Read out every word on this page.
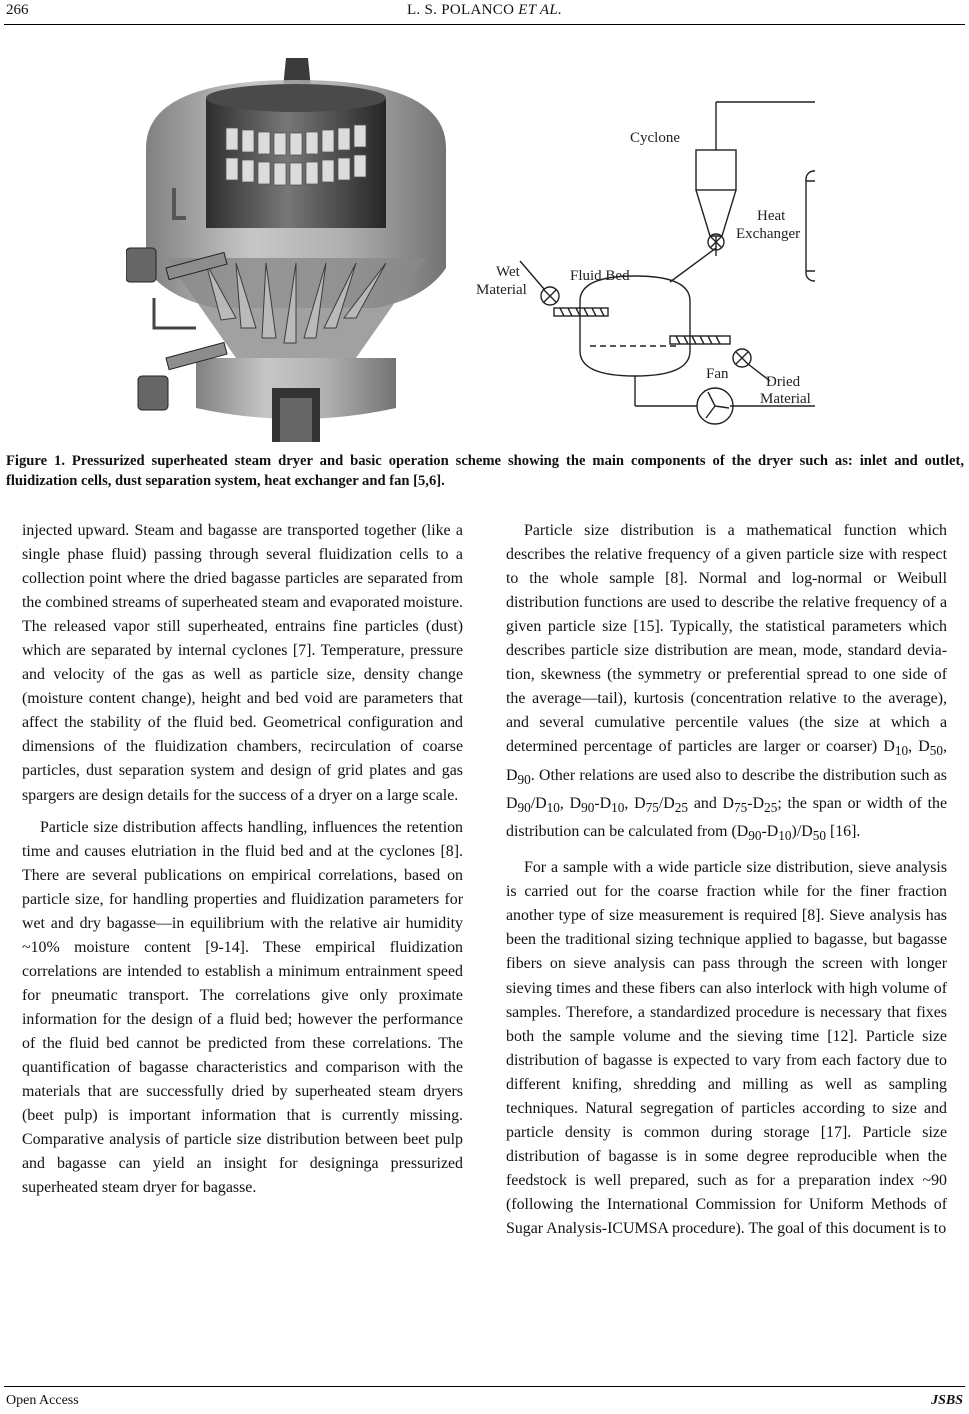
266	L. S. POLANCO ET AL.
Cyclone
Heat
Exchanger
Wet
Material
Fluid Bed
Fan	Dried
Material
Figure 1. Pressurized superheated steam dryer and basic operation scheme showing the main components of the dryer such as: inlet and outlet, fluidization cells, dust separation system, heat exchanger and fan [5,6].

injected upward. Steam and bagasse are transported together (like a single phase fluid) passing through several fluidization cells to a collection point where the dried bagasse particles are separated from the combined streams of superheated steam and evaporated moisture. The released vapor still superheated, entrains fine particles (dust) which are separated by internal cyclones [7]. Temperature, pressure and velocity of the gas as well as particle size, density change (moisture content change), height and bed void are parameters that affect the stability of the fluid bed. Geometrical configuration and dimensions of the fluidization chambers, recirculation of coarse particles, dust separation system and design of grid plates and gas spargers are design details for the success of a dryer on a large scale.

Particle size distribution affects handling, influences the retention time and causes elutriation in the fluid bed and at the cyclones [8]. There are several publications on empirical correlations, based on particle size, for handling properties and fluidization parameters for wet and dry bagasse—in equilibrium with the relative air humidity ~10% moisture content [9-14]. These empirical fluidization correlations are intended to establish a minimum entrainment speed for pneumatic transport. The correlations give only proximate information for the design of a fluid bed; however the performance of the fluid bed cannot be predicted from these correlations. The quantification of bagasse characteristics and comparison with the materials that are successfully dried by superheated steam dryers (beet pulp) is important information that is currently missing. Comparative analysis of particle size distribution between beet pulp and bagasse can yield an insight for designinga pressurized superheated steam dryer for bagasse.

Particle size distribution is a mathematical function which describes the relative frequency of a given particle size with respect to the whole sample [8]. Normal and log-normal or Weibull distribution functions are used to describe the relative frequency of a given particle size [15]. Typically, the statistical parameters which describes particle size distribution are mean, mode, standard deviation, skewness (the symmetry or preferential spread to one side of the average—tail), kurtosis (concentration relative to the average), and several cumulative percentile values (the size at which a determined percentage of particles are larger or coarser) $D_{10}$, $D_{50}$, $D_{90}$. Other relations are used also to describe the distribution such as $D_{90}/D_{10}$, $D_{90}-D_{10}$, $D_{75}/D_{25}$ and $D_{75}-D_{25}$; the span or width of the distribution can be calculated from $(D_{90}-D_{10})/D_{50}$ [16].

For a sample with a wide particle size distribution, sieve analysis is carried out for the coarse fraction while for the finer fraction another type of size measurement is required [8]. Sieve analysis has been the traditional sizing technique applied to bagasse, but bagasse fibers on sieve analysis can pass through the screen with longer sieving times and these fibers can also interlock with high volume of samples. Therefore, a standardized procedure is necessary that fixes both the sample volume and the sieving time [12]. Particle size distribution of bagasse is expected to vary from each factory due to different knifing, shredding and milling as well as sampling techniques. Natural segregation of particles according to size and particle density is common during storage [17]. Particle size distribution of bagasse is in some degree reproducible when the feedstock is well prepared, such as for a preparation index ~90 (following the International Commission for Uniform Methods of Sugar Analysis-ICUMSA procedure). The goal of this document is to

Open Access	JSBS
